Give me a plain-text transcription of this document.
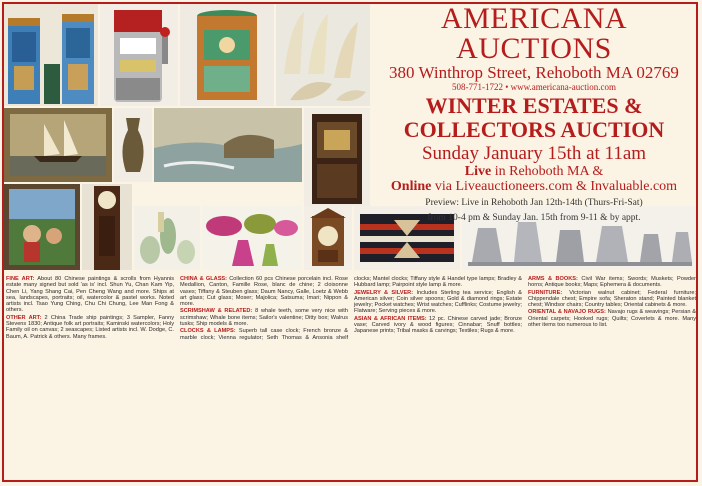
AMERICANA AUCTIONS
380 Winthrop Street, Rehoboth MA 02769
508-771-1722 • www.americana-auction.com
WINTER ESTATES &
COLLECTORS AUCTION
Sunday January 15th at 11am
Live in Rehoboth MA &
Online via Liveauctioneers.com & Invaluable.com
Preview: Live in Rehoboth Jan 12th-14th (Thurs-Fri-Sat)
from 10-4 pm & Sunday Jan. 15th from 9-11 & by appt.

FINE ART: About 80 Chinese paintings & scrolls from Hyannis estate many signed but sold 'as is' incl. Shun Yu, Chan Kam Yip, Chen Li, Yang Shang Cai, Pen Cheng Wang and more. Ships at sea, landscapes, portraits; oil, watercolor & pastel works. Noted artists incl. Tsao Yung Ching, Chu Chi Chung, Lee Man Fong & others.

OTHER ART: 2 China Trade ship paintings; 3 Sampler, Fanny Stevens 1830; Antique folk art portraits; Kaminski watercolors; Holy Family oil on canvas; 2 seascapes; Listed artists incl. W. Dodge, C. Baum, A. Patrick & others. Many frames.

CHINA & GLASS: Collection 60 pcs Chinese porcelain incl. Rose Medallion, Canton, Famille Rose, blanc de chine; 2 cloisonne vases; Tiffany & Steuben glass; Daum Nancy, Galle, Loetz & Webb art glass; Cut glass; Moser; Majolica; Satsuma; Imari; Nippon & more.

SCRIMSHAW & RELATED: 8 whale teeth, some very nice with scrimshaw; Whale bone items; Sailor's valentine; Ditty box; Walrus tusks; Ship models & more.

CLOCKS & LAMPS: Superb tall case clock; French bronze & marble clock; Vienna regulator; Seth Thomas & Ansonia shelf clocks; Mantel clocks; Tiffany style & Handel type lamps; Bradley & Hubbard lamp; Pairpoint style lamp & more.

JEWELRY & SILVER: Includes Sterling tea service; English & American silver; Coin silver spoons; Gold & diamond rings; Estate jewelry; Pocket watches; Wrist watches; Cufflinks; Costume jewelry; Flatware; Serving pieces & more.

ASIAN & AFRICAN ITEMS: 12 pc. Chinese carved jade; Bronze vase; Carved ivory & wood figures; Cinnabar; Snuff bottles; Japanese prints; Tribal masks & carvings; Textiles; Rugs & more.

ARMS & BOOKS: Civil War items; Swords; Muskets; Powder horns; Antique books; Maps; Ephemera & documents.

FURNITURE: Victorian walnut cabinet; Federal furniture; Chippendale chest; Empire sofa; Sheraton stand; Painted blanket chest; Windsor chairs; Country tables; Oriental cabinets & more.

ORIENTAL & NAVAJO RUGS: Navajo rugs & weavings; Persian & Oriental carpets; Hooked rugs; Quilts; Coverlets & more. Many other items too numerous to list.
